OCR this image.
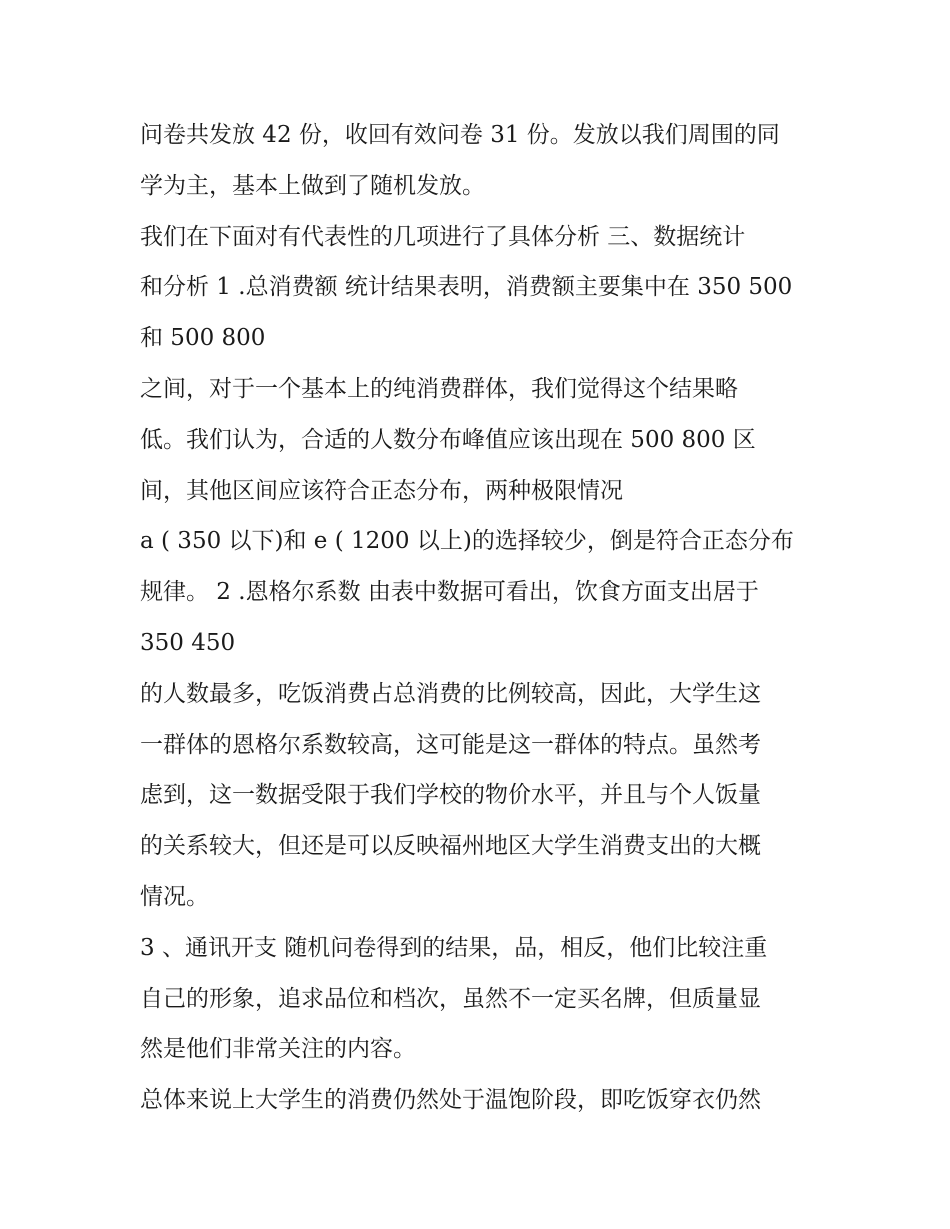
问卷共发放 42 份，收回有效问卷 31 份。发放以我们周围的同
学为主，基本上做到了随机发放。
我们在下面对有代表性的几项进行了具体分析 三、数据统计
和分析 1 .总消费额 统计结果表明，消费额主要集中在 350 500
和 500 800
之间，对于一个基本上的纯消费群体，我们觉得这个结果略
低。我们认为，合适的人数分布峰值应该出现在 500 800 区
间，其他区间应该符合正态分布，两种极限情况
a ( 350 以下)和 e ( 1200 以上)的选择较少，倒是符合正态分布
规律。 2 .恩格尔系数 由表中数据可看出，饮食方面支出居于
350 450
的人数最多，吃饭消费占总消费的比例较高，因此，大学生这
一群体的恩格尔系数较高，这可能是这一群体的特点。虽然考
虑到，这一数据受限于我们学校的物价水平，并且与个人饭量
的关系较大，但还是可以反映福州地区大学生消费支出的大概
情况。
3 、通讯开支 随机问卷得到的结果，品，相反，他们比较注重
自己的形象，追求品位和档次，虽然不一定买名牌，但质量显
然是他们非常关注的内容。
总体来说上大学生的消费仍然处于温饱阶段，即吃饭穿衣仍然
